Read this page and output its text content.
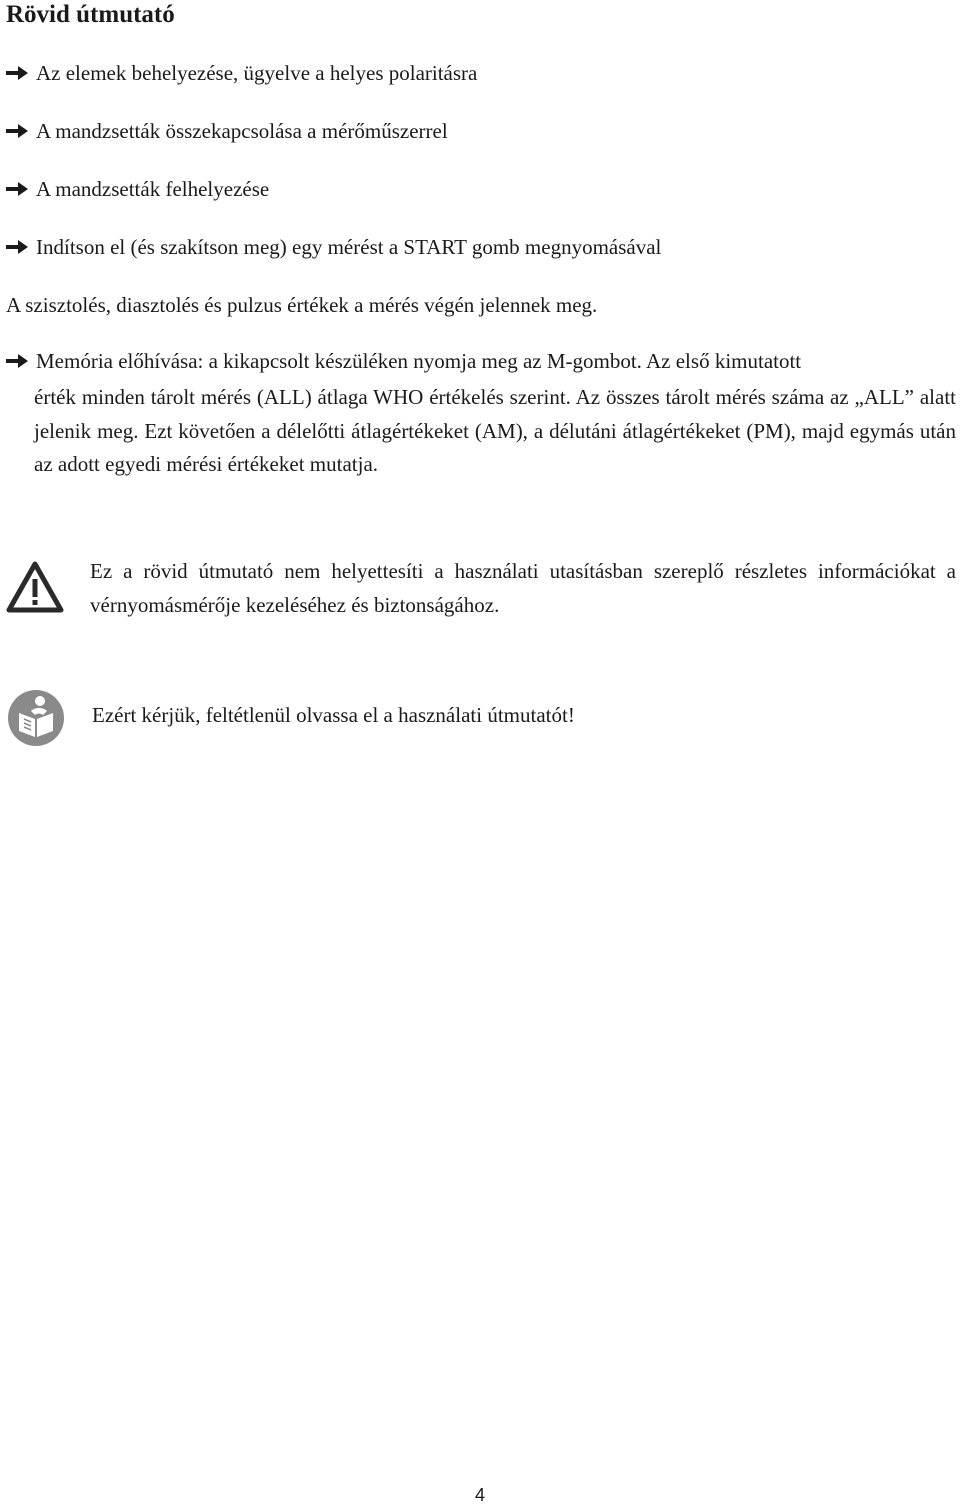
Rövid útmutató
Az elemek behelyezése, ügyelve a helyes polaritásra
A mandzsetták összekapcsolása a mérőműszerrel
A mandzsetták felhelyezése
Indítson el (és szakítson meg) egy mérést a START gomb megnyomásával
A szisztolés, diasztolés és pulzus értékek a mérés végén jelennek meg.
Memória előhívása: a kikapcsolt készüléken nyomja meg az M-gombot. Az első kimutatott

érték minden tárolt mérés (ALL) átlaga WHO értékelés szerint. Az összes tárolt mérés száma az „ALL” alatt jelenik meg. Ezt követően a délelőtti átlagértékeket (AM), a délutáni átlagértékeket (PM), majd egymás után az adott egyedi mérési értékeket mutatja.

Ez a rövid útmutató nem helyettesíti a használati utasításban szereplő részletes információkat a vérnyomásmérője kezeléséhez és biztonságához.

Ezért kérjük, feltétlenül olvassa el a használati útmutatót!
4
